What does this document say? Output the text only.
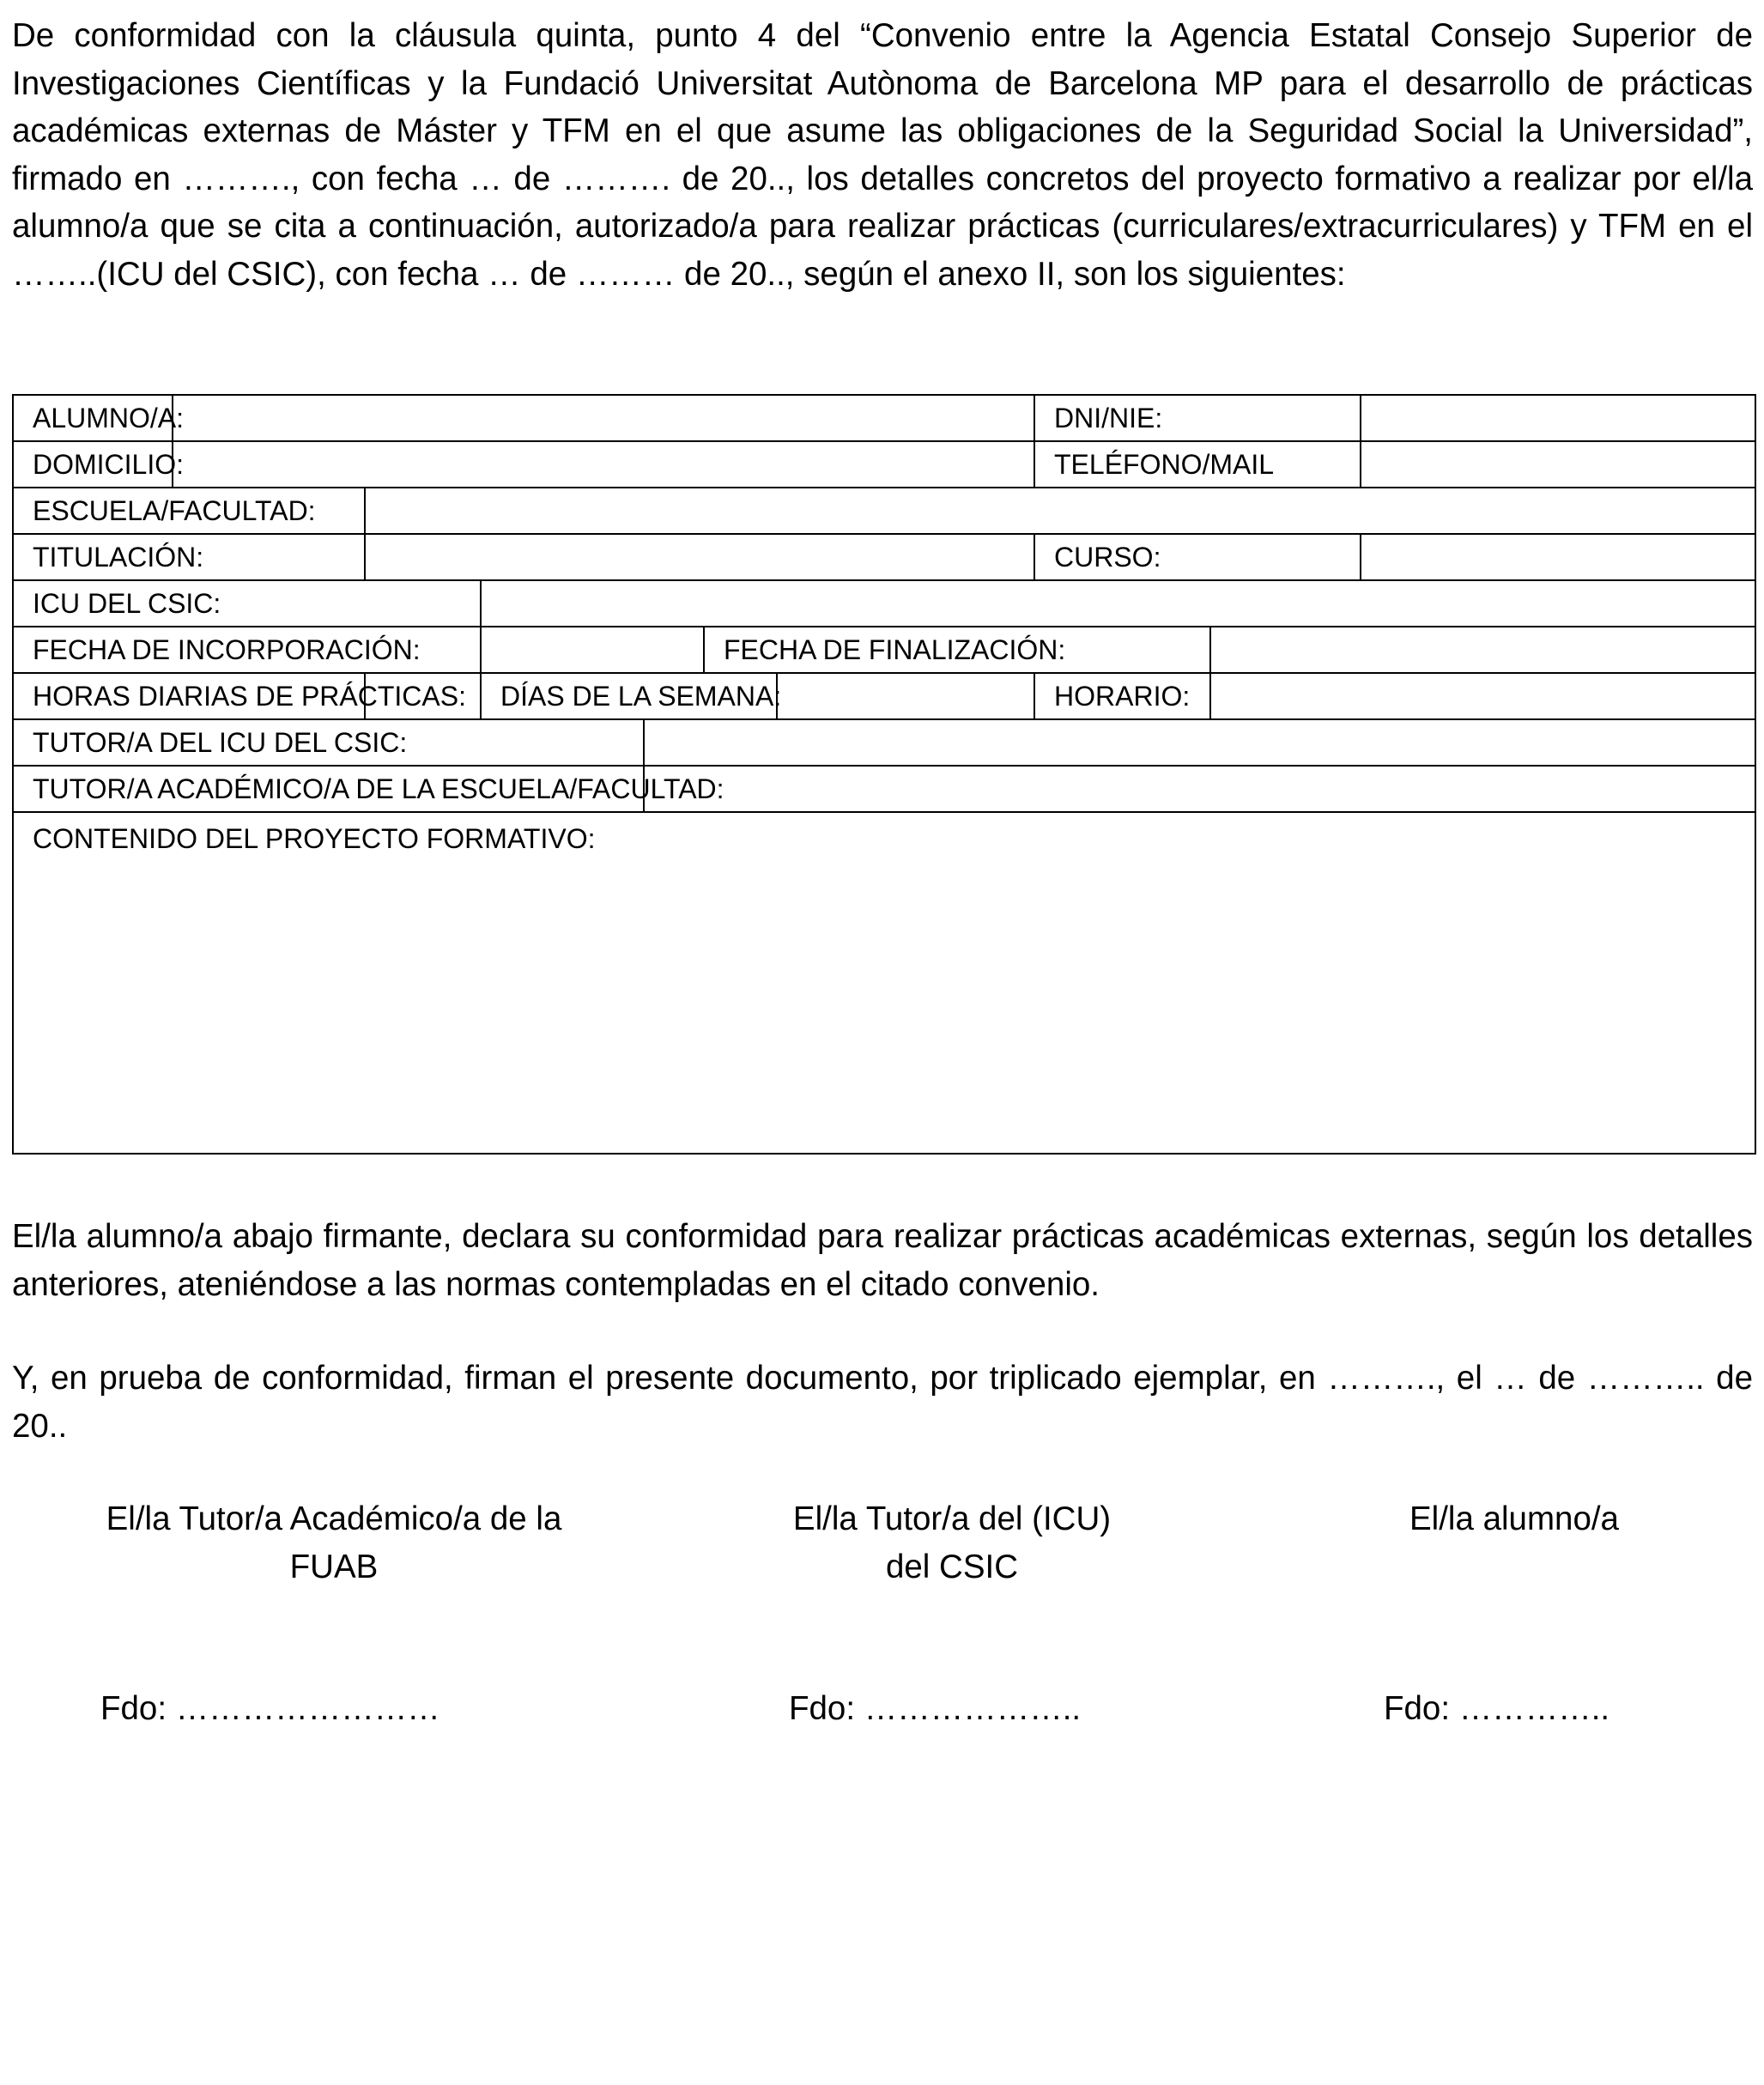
De conformidad con la cláusula quinta, punto 4 del “Convenio entre la Agencia Estatal Consejo Superior de Investigaciones Científicas y la Fundació Universitat Autònoma de Barcelona MP para el desarrollo de prácticas académicas externas de Máster y TFM en el que asume las obligaciones de la Seguridad Social la Universidad”, firmado en ………., con fecha … de ………. de 20.., los detalles concretos del proyecto formativo a realizar por el/la alumno/a que se cita a continuación, autorizado/a para realizar prácticas (curriculares/extracurriculares) y TFM en el ……..(ICU del CSIC), con fecha … de ……… de 20.., según el anexo II, son los siguientes:

ALUMNO/A:							DNI/NIE:		
DOMICILIO:							TELÉFONO/MAIL		
ESCUELA/FACULTAD:									
TITULACIÓN:							CURSO:		
ICU DEL CSIC:									
FECHA DE INCORPORACIÓN:					FECHA DE FINALIZACIÓN:				
HORAS DIARIAS DE PRÁCTICAS:			DÍAS DE LA SEMANA:				HORARIO:		
TUTOR/A DEL ICU DEL CSIC:									
TUTOR/A ACADÉMICO/A DE LA ESCUELA/FACULTAD:									
CONTENIDO DEL PROYECTO FORMATIVO:									

El/la alumno/a abajo firmante, declara su conformidad para realizar prácticas académicas externas, según los detalles anteriores, ateniéndose a las normas contempladas en el citado convenio.

Y, en prueba de conformidad, firman el presente documento, por triplicado ejemplar, en ………., el … de ……….. de 20..

El/la Tutor/a Académico/a de la
FUAB
El/la Tutor/a del (ICU)
del CSIC
El/la alumno/a
Fdo: ……………………	Fdo: ………………..	Fdo: …………..
